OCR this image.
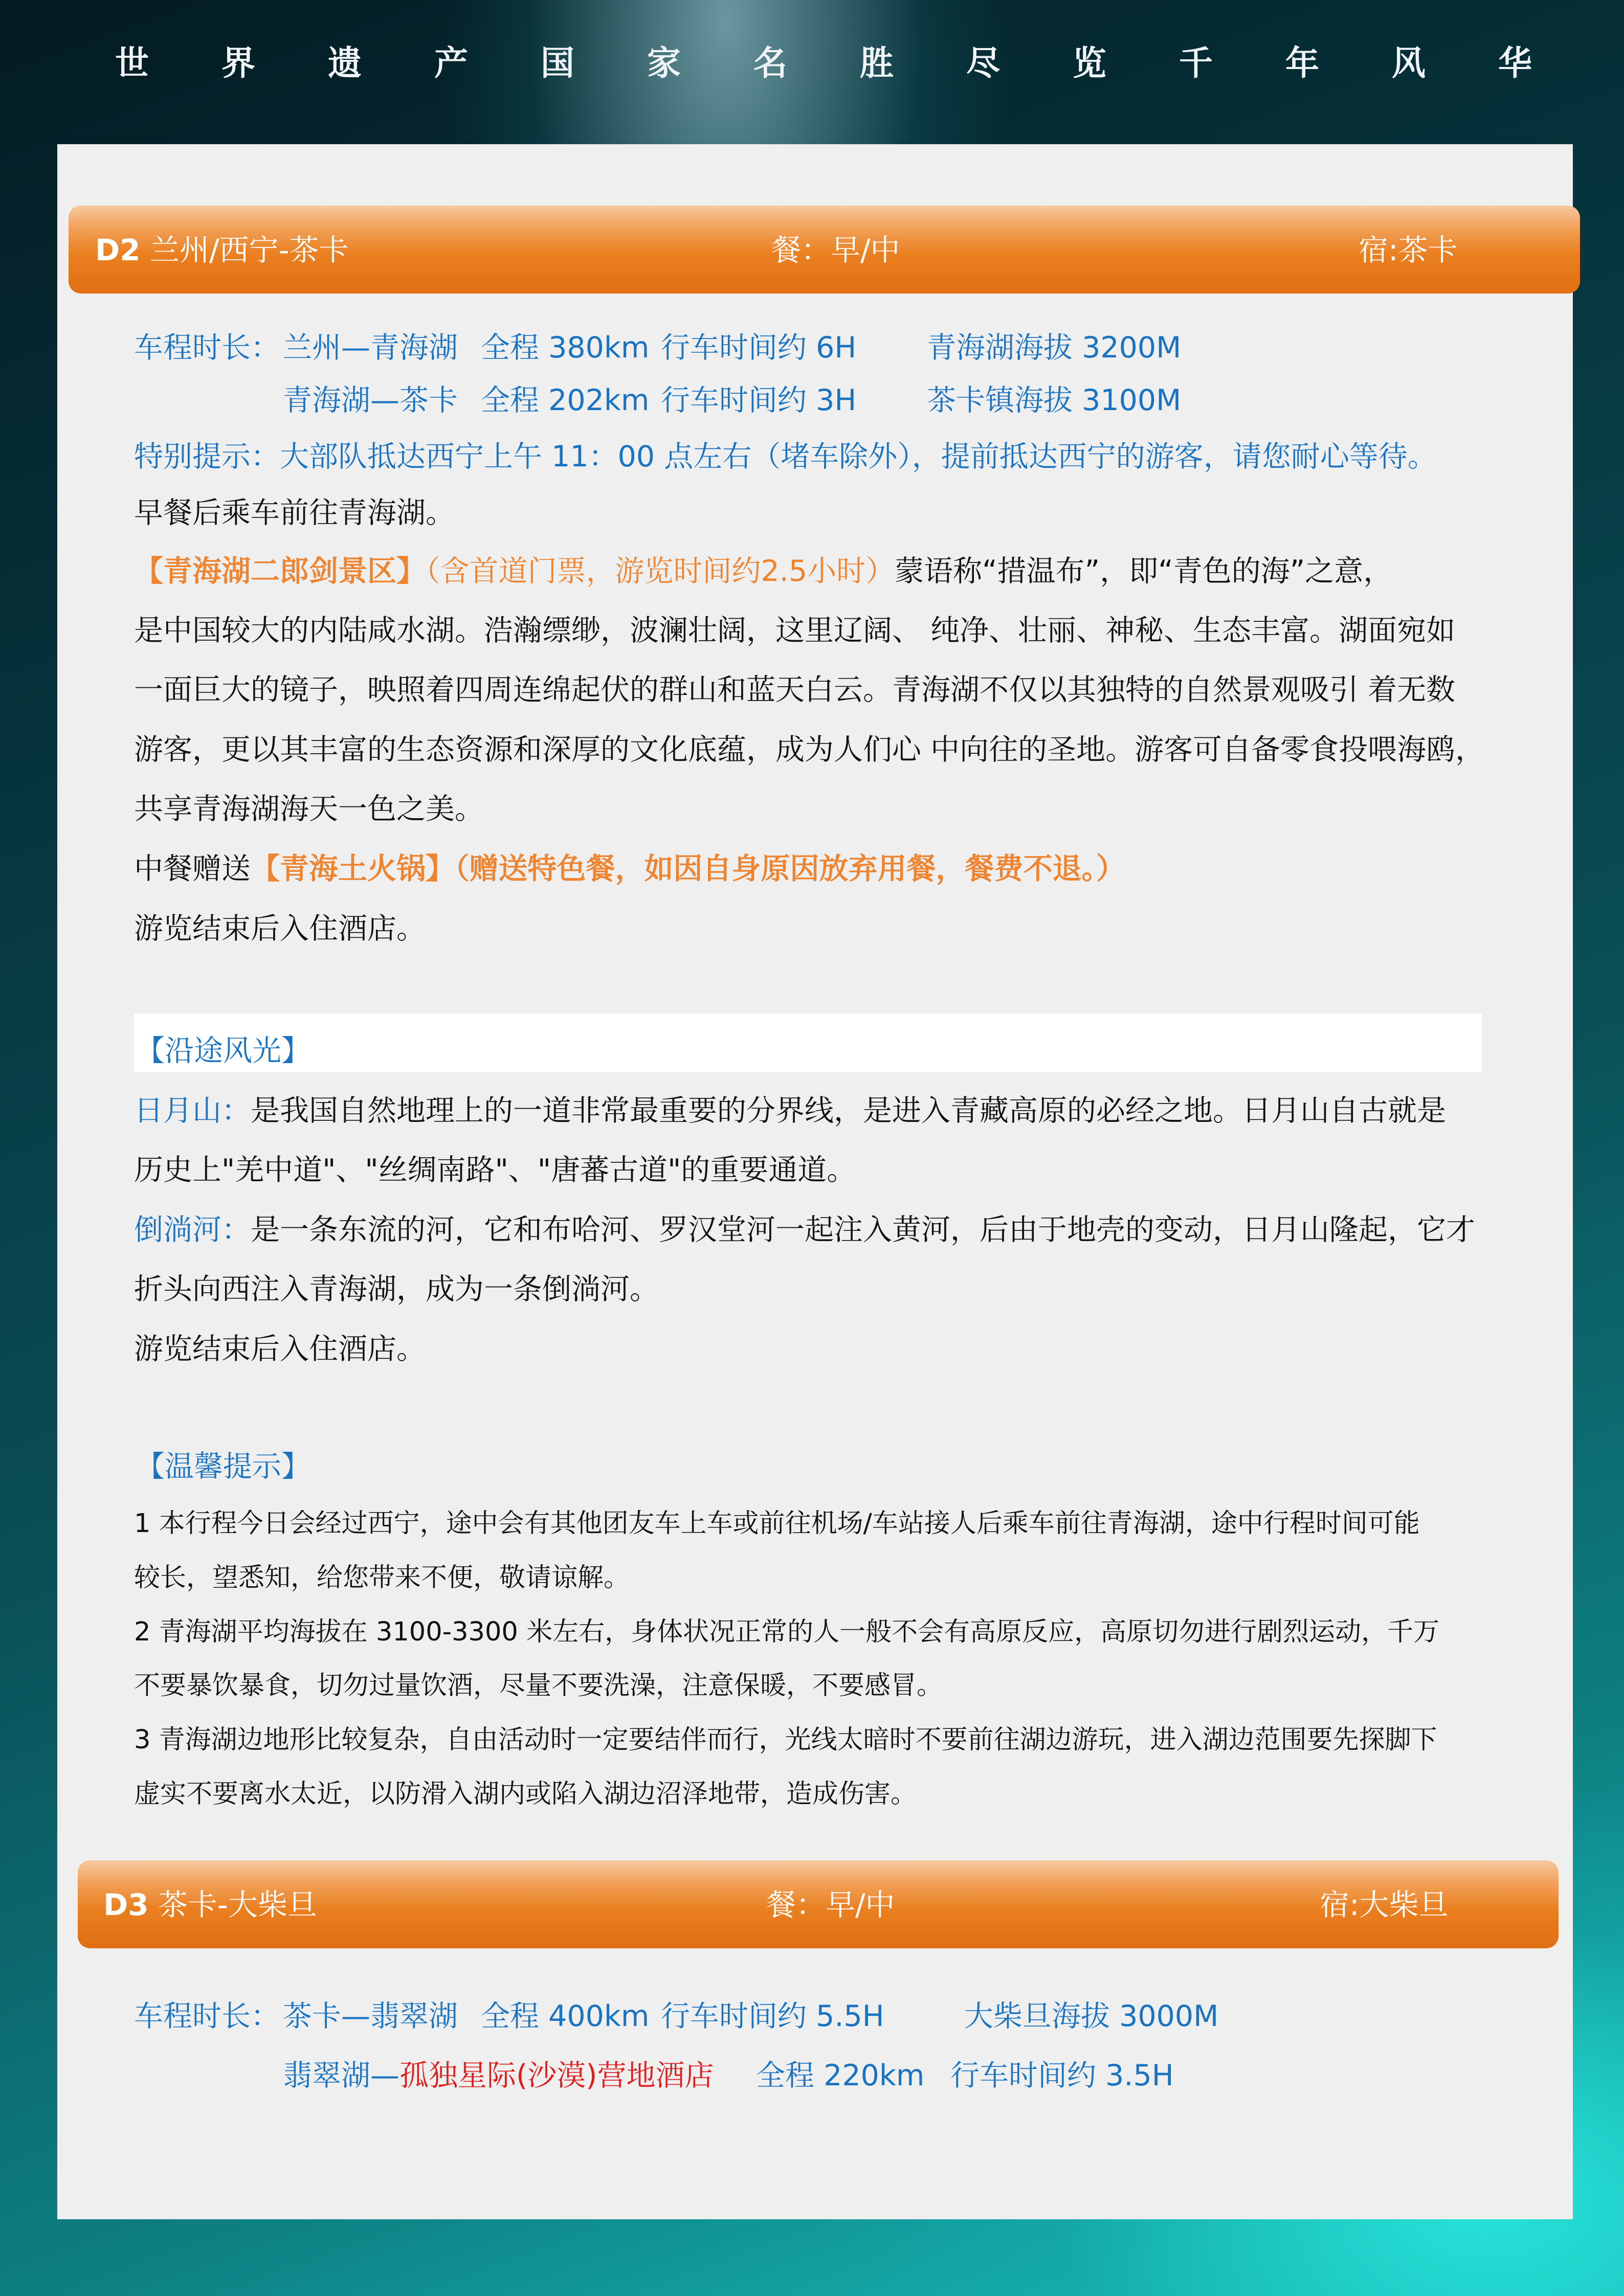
世 界 遗 产 国 家 名 胜 尽 览 千 年 风 华
D2 兰州/西宁-茶卡	餐：早/中	宿:茶卡
车程时长： 兰州—青海湖 全程 380km 行车时间约 6H 青海湖海拔 3200M
青海湖—茶卡 全程 202km 行车时间约 3H 茶卡镇海拔 3100M
特别提示：大部队抵达西宁上午 11：00 点左右（堵车除外），提前抵达西宁的游客，请您耐心等待。
早餐后乘车前往青海湖。
【青海湖二郎剑景区】（含首道门票，游览时间约2.5小时）蒙语称“措温布”，即“青色的海”之意，
是中国较大的内陆咸水湖。浩瀚缥缈，波澜壮阔，这里辽阔、 纯净、壮丽、神秘、生态丰富。湖面宛如
一面巨大的镜子，映照着四周连绵起伏的群山和蓝天白云。青海湖不仅以其独特的自然景观吸引 着无数
游客，更以其丰富的生态资源和深厚的文化底蕴，成为人们心 中向往的圣地。游客可自备零食投喂海鸥，
共享青海湖海天一色之美。
中餐赠送【青海土火锅】（赠送特色餐，如因自身原因放弃用餐，餐费不退。）
游览结束后入住酒店。
【沿途风光】
日月山：是我国自然地理上的一道非常最重要的分界线，是进入青藏高原的必经之地。日月山自古就是
历史上"羌中道"、"丝绸南路"、"唐蕃古道"的重要通道。
倒淌河：是一条东流的河，它和布哈河、罗汉堂河一起注入黄河，后由于地壳的变动，日月山隆起，它才
折头向西注入青海湖，成为一条倒淌河。
游览结束后入住酒店。
【温馨提示】
1 本行程今日会经过西宁，途中会有其他团友车上车或前往机场/车站接人后乘车前往青海湖，途中行程时间可能
较长，望悉知，给您带来不便，敬请谅解。
2 青海湖平均海拔在 3100-3300 米左右，身体状况正常的人一般不会有高原反应，高原切勿进行剧烈运动，千万
不要暴饮暴食，切勿过量饮酒，尽量不要洗澡，注意保暖，不要感冒。
3 青海湖边地形比较复杂，自由活动时一定要结伴而行，光线太暗时不要前往湖边游玩，进入湖边范围要先探脚下
虚实不要离水太近，以防滑入湖内或陷入湖边沼泽地带，造成伤害。
D3 茶卡-大柴旦	餐：早/中	宿:大柴旦
车程时长： 茶卡—翡翠湖 全程 400km 行车时间约 5.5H	大柴旦海拔 3000M
翡翠湖—孤独星际(沙漠)营地酒店 全程 220km 行车时间约 3.5H
